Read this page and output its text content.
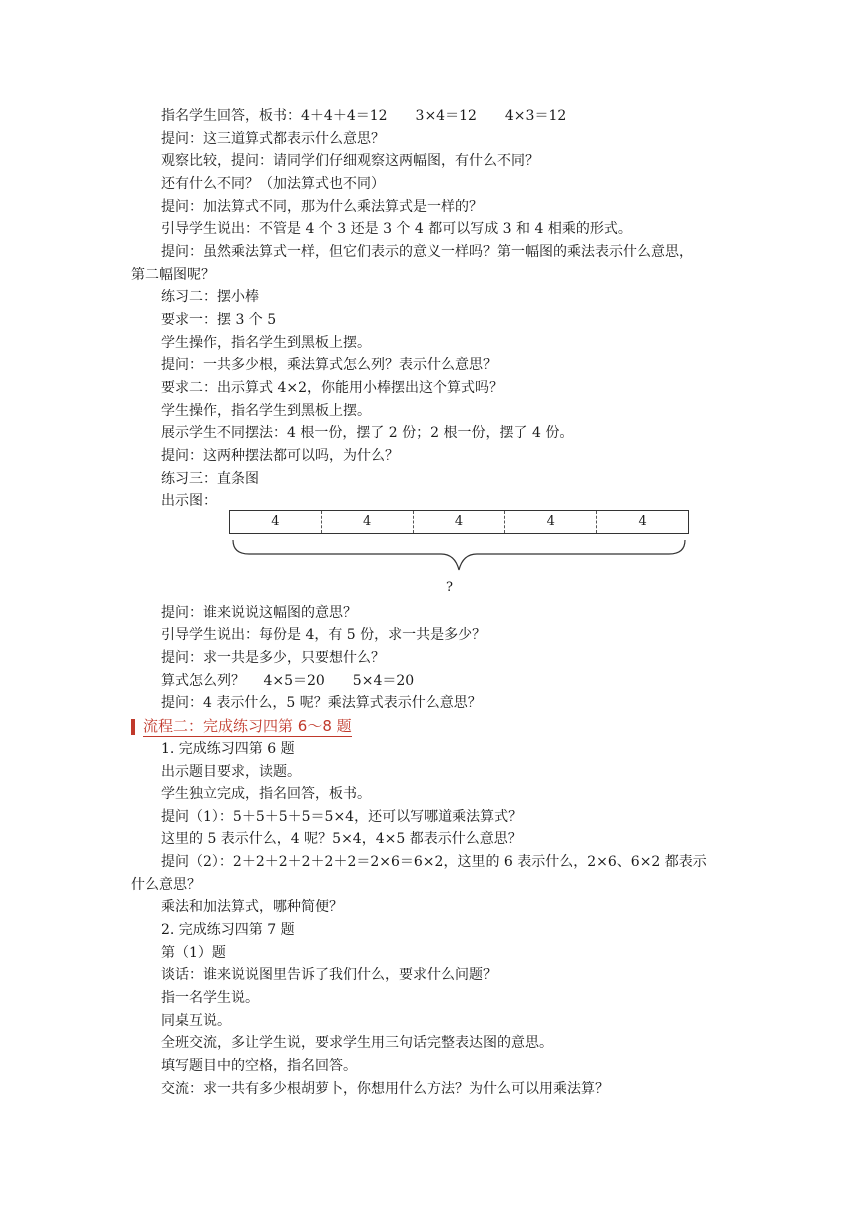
指名学生回答，板书：4＋4＋4＝12　　3×4＝12　　4×3＝12
提问：这三道算式都表示什么意思？
观察比较，提问：请同学们仔细观察这两幅图，有什么不同？
还有什么不同？（加法算式也不同）
提问：加法算式不同，那为什么乘法算式是一样的？
引导学生说出：不管是 4 个 3 还是 3 个 4 都可以写成 3 和 4 相乘的形式。
提问：虽然乘法算式一样，但它们表示的意义一样吗？第一幅图的乘法表示什么意思，
第二幅图呢？
练习二：摆小棒
要求一：摆 3 个 5
学生操作，指名学生到黑板上摆。
提问：一共多少根，乘法算式怎么列？表示什么意思？
要求二：出示算式 4×2，你能用小棒摆出这个算式吗？
学生操作，指名学生到黑板上摆。
展示学生不同摆法：4 根一份，摆了 2 份；2 根一份，摆了 4 份。
提问：这两种摆法都可以吗，为什么？
练习三：直条图
出示图：
4	4	4	4	4
?
提问：谁来说说这幅图的意思？
引导学生说出：每份是 4，有 5 份，求一共是多少？
提问：求一共是多少，只要想什么？
算式怎么列？　 4×5＝20　　5×4＝20
提问：4 表示什么，5 呢？乘法算式表示什么意思？
流程二：完成练习四第 6～8 题
1. 完成练习四第 6 题
出示题目要求，读题。
学生独立完成，指名回答，板书。
提问（1）：5＋5＋5＋5＝5×4，还可以写哪道乘法算式？
这里的 5 表示什么，4 呢？5×4，4×5 都表示什么意思？
提问（2）：2＋2＋2＋2＋2＋2＝2×6＝6×2，这里的 6 表示什么，2×6、6×2 都表示
什么意思？
乘法和加法算式，哪种简便？
2. 完成练习四第 7 题
第（1）题
谈话：谁来说说图里告诉了我们什么，要求什么问题？
指一名学生说。
同桌互说。
全班交流，多让学生说，要求学生用三句话完整表达图的意思。
填写题目中的空格，指名回答。
交流：求一共有多少根胡萝卜，你想用什么方法？为什么可以用乘法算？
